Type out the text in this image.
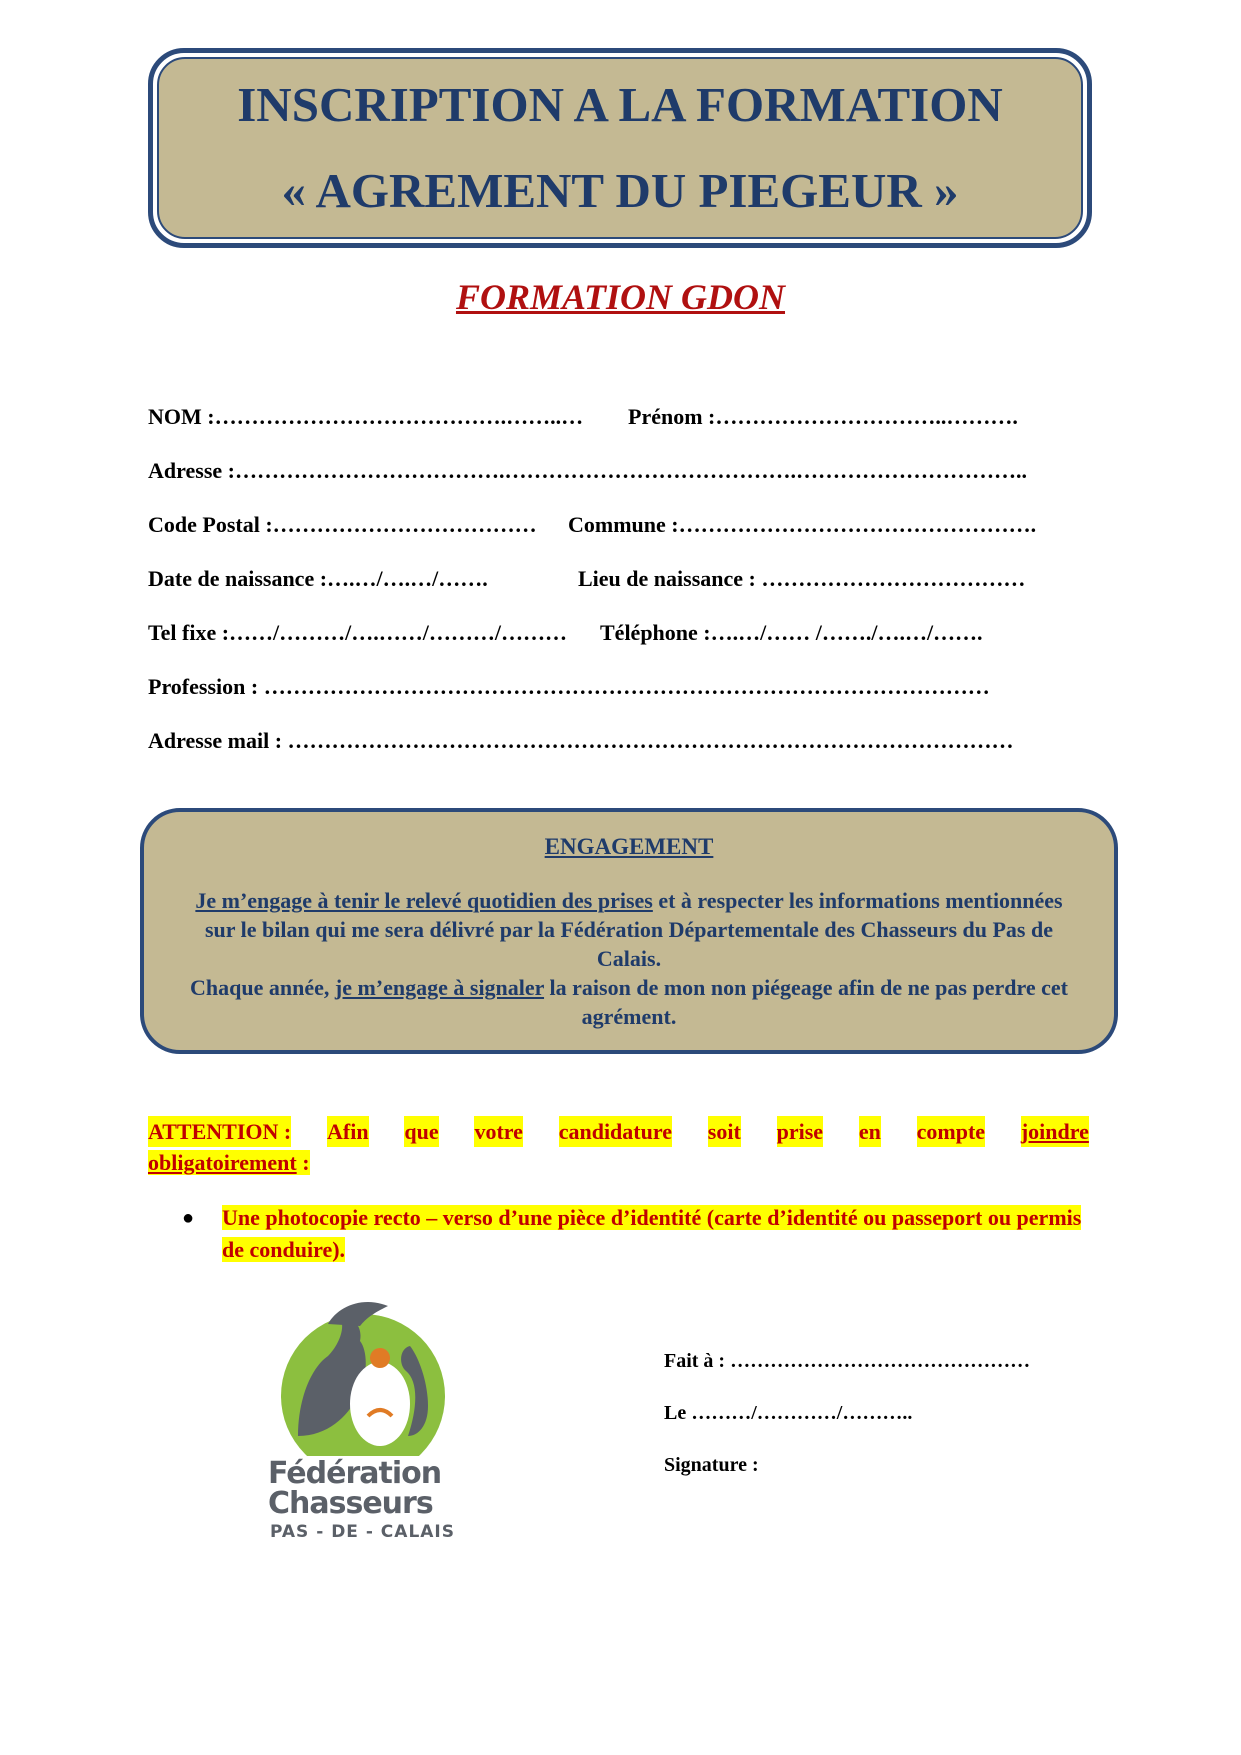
INSCRIPTION A LA FORMATION
« AGREMENT DU PIEGEUR »
FORMATION GDON
NOM :………………………………….……..…	Prénom :…………………………..……….
Adresse :……………………………….………………………………….…………………………..
Code Postal :………………………………	Commune :………………………………………….
Date de naissance :….…/….…/…….	Lieu de naissance : ………………………………
Tel fixe :……/………/….……/………/………	Téléphone :….…/…… /……./….…/…….
Profession : ………………………………………………………………………………………
Adresse mail : ………………………………………………………………………………………
ENGAGEMENT
Je m’engage à tenir le relevé quotidien des prises et à respecter les informations mentionnées sur le bilan qui me sera délivré par la Fédération Départementale des Chasseurs du Pas de Calais.
Chaque année, je m’engage à signaler la raison de mon non piégeage afin de ne pas perdre cet agrément.
ATTENTION : Afin que votre candidature soit prise en compte joindre
obligatoirement :
●	Une photocopie recto – verso d’une pièce d’identité (carte d’identité ou passeport ou permis de conduire).
Fédération
Chasseurs
PAS - DE - CALAIS
Fait à : ………………………………………
Le ………/…………/………..
Signature :
